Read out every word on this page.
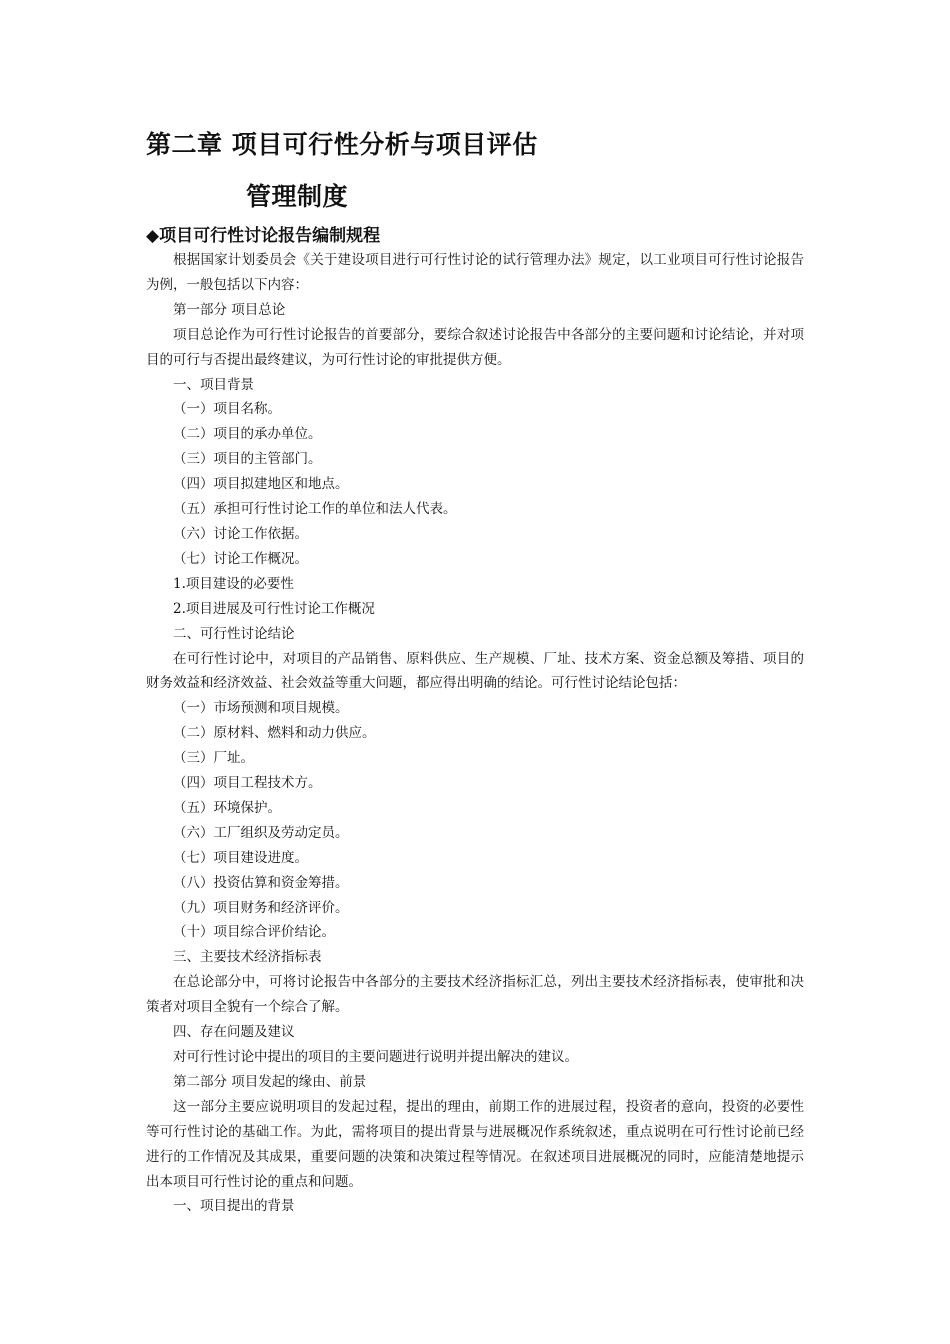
第二章 项目可行性分析与项目评估
管理制度
◆项目可行性讨论报告编制规程

根据国家计划委员会《关于建设项目进行可行性讨论的试行管理办法》规定，以工业项目可行性讨论报告为例，一般包括以下内容：

第一部分 项目总论

项目总论作为可行性讨论报告的首要部分，要综合叙述讨论报告中各部分的主要问题和讨论结论，并对项目的可行与否提出最终建议，为可行性讨论的审批提供方便。

一、项目背景

（一）项目名称。

（二）项目的承办单位。

（三）项目的主管部门。

（四）项目拟建地区和地点。

（五）承担可行性讨论工作的单位和法人代表。

（六）讨论工作依据。

（七）讨论工作概况。

1.项目建设的必要性

2.项目进展及可行性讨论工作概况

二、可行性讨论结论

在可行性讨论中，对项目的产品销售、原料供应、生产规模、厂址、技术方案、资金总额及筹措、项目的财务效益和经济效益、社会效益等重大问题，都应得出明确的结论。可行性讨论结论包括：

（一）市场预测和项目规模。

（二）原材料、燃料和动力供应。

（三）厂址。

（四）项目工程技术方。

（五）环境保护。

（六）工厂组织及劳动定员。

（七）项目建设进度。

（八）投资估算和资金筹措。

（九）项目财务和经济评价。

（十）项目综合评价结论。

三、主要技术经济指标表

在总论部分中，可将讨论报告中各部分的主要技术经济指标汇总，列出主要技术经济指标表，使审批和决策者对项目全貌有一个综合了解。

四、存在问题及建议

对可行性讨论中提出的项目的主要问题进行说明并提出解决的建议。

第二部分 项目发起的缘由、前景

这一部分主要应说明项目的发起过程，提出的理由，前期工作的进展过程，投资者的意向，投资的必要性等可行性讨论的基础工作。为此，需将项目的提出背景与进展概况作系统叙述，重点说明在可行性讨论前已经进行的工作情况及其成果，重要问题的决策和决策过程等情况。在叙述项目进展概况的同时，应能清楚地提示出本项目可行性讨论的重点和问题。

一、项目提出的背景
